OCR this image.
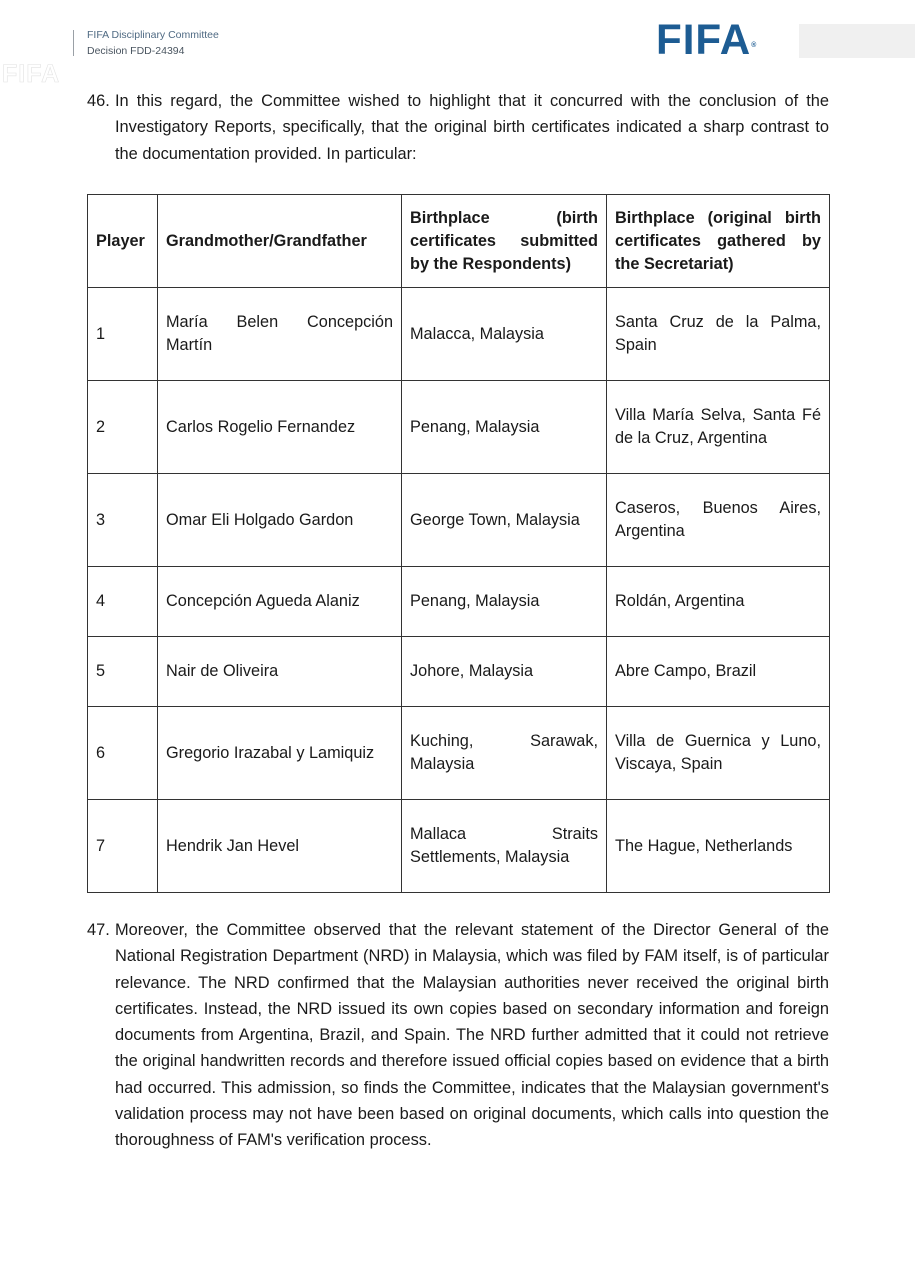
FIFA
FIFA Disciplinary Committee
Decision FDD-24394	FIFA®
46. In this regard, the Committee wished to highlight that it concurred with the conclusion of the Investigatory Reports, specifically, that the original birth certificates indicated a sharp contrast to the documentation provided. In particular:
Player	Grandmother/Grandfather	Birthplace (birth certificates submitted by the Respondents)	Birthplace (original birth certificates gathered by the Secretariat)
1	María Belen Concepción Martín	Malacca, Malaysia	Santa Cruz de la Palma, Spain
2	Carlos Rogelio Fernandez	Penang, Malaysia	Villa María Selva, Santa Fé de la Cruz, Argentina
3	Omar Eli Holgado Gardon	George Town, Malaysia	Caseros, Buenos Aires, Argentina
4	Concepción Agueda Alaniz	Penang, Malaysia	Roldán, Argentina
5	Nair de Oliveira	Johore, Malaysia	Abre Campo, Brazil
6	Gregorio Irazabal y Lamiquiz	Kuching, Sarawak, Malaysia	Villa de Guernica y Luno, Viscaya, Spain
7	Hendrik Jan Hevel	Mallaca Straits Settlements, Malaysia	The Hague, Netherlands
47. Moreover, the Committee observed that the relevant statement of the Director General of the National Registration Department (NRD) in Malaysia, which was filed by FAM itself, is of particular relevance. The NRD confirmed that the Malaysian authorities never received the original birth certificates. Instead, the NRD issued its own copies based on secondary information and foreign documents from Argentina, Brazil, and Spain. The NRD further admitted that it could not retrieve the original handwritten records and therefore issued official copies based on evidence that a birth had occurred. This admission, so finds the Committee, indicates that the Malaysian government's validation process may not have been based on original documents, which calls into question the thoroughness of FAM's verification process.
